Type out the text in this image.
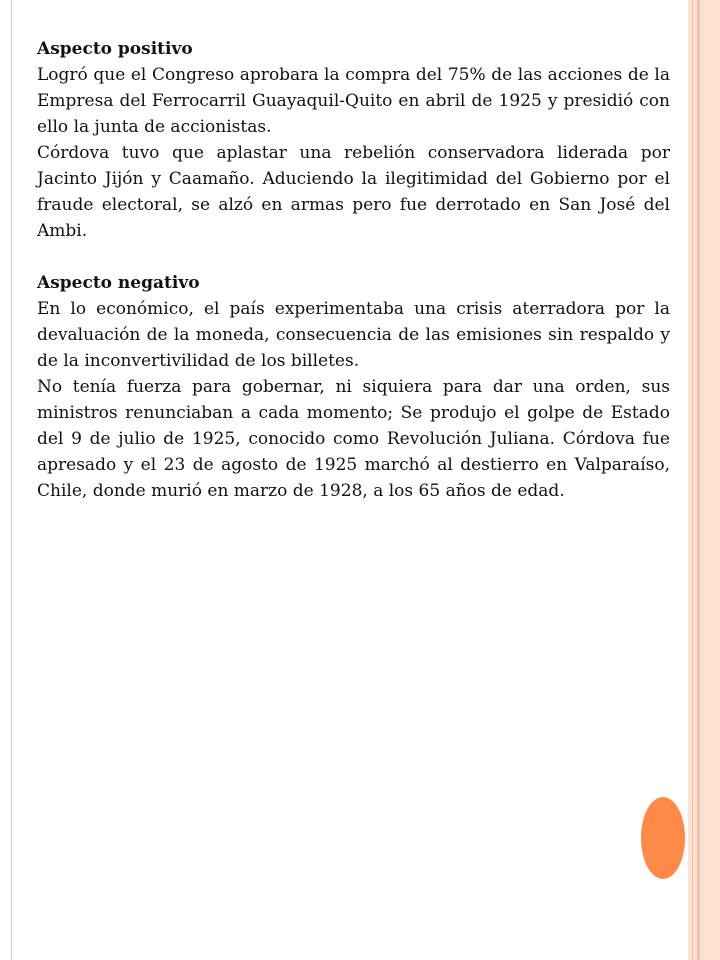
Aspecto positivo

Logró que el Congreso aprobara la compra del 75% de las acciones de la Empresa del Ferrocarril Guayaquil-Quito en abril de 1925 y presidió con ello la junta de accionistas.

Córdova tuvo que aplastar una rebelión conservadora liderada por Jacinto Jijón y Caamaño. Aduciendo la ilegitimidad del Gobierno por el fraude electoral, se alzó en armas pero fue derrotado en San José del Ambi.

Aspecto negativo

En lo económico, el país experimentaba una crisis aterradora por la devaluación de la moneda, consecuencia de las emisiones sin respaldo y de la inconvertivilidad de los billetes.

No tenía fuerza para gobernar, ni siquiera para dar una orden, sus ministros renunciaban a cada momento; Se produjo el golpe de Estado del 9 de julio de 1925, conocido como Revolución Juliana. Córdova fue apresado y el 23 de agosto de 1925 marchó al destierro en Valparaíso, Chile, donde murió en marzo de 1928, a los 65 años de edad.
